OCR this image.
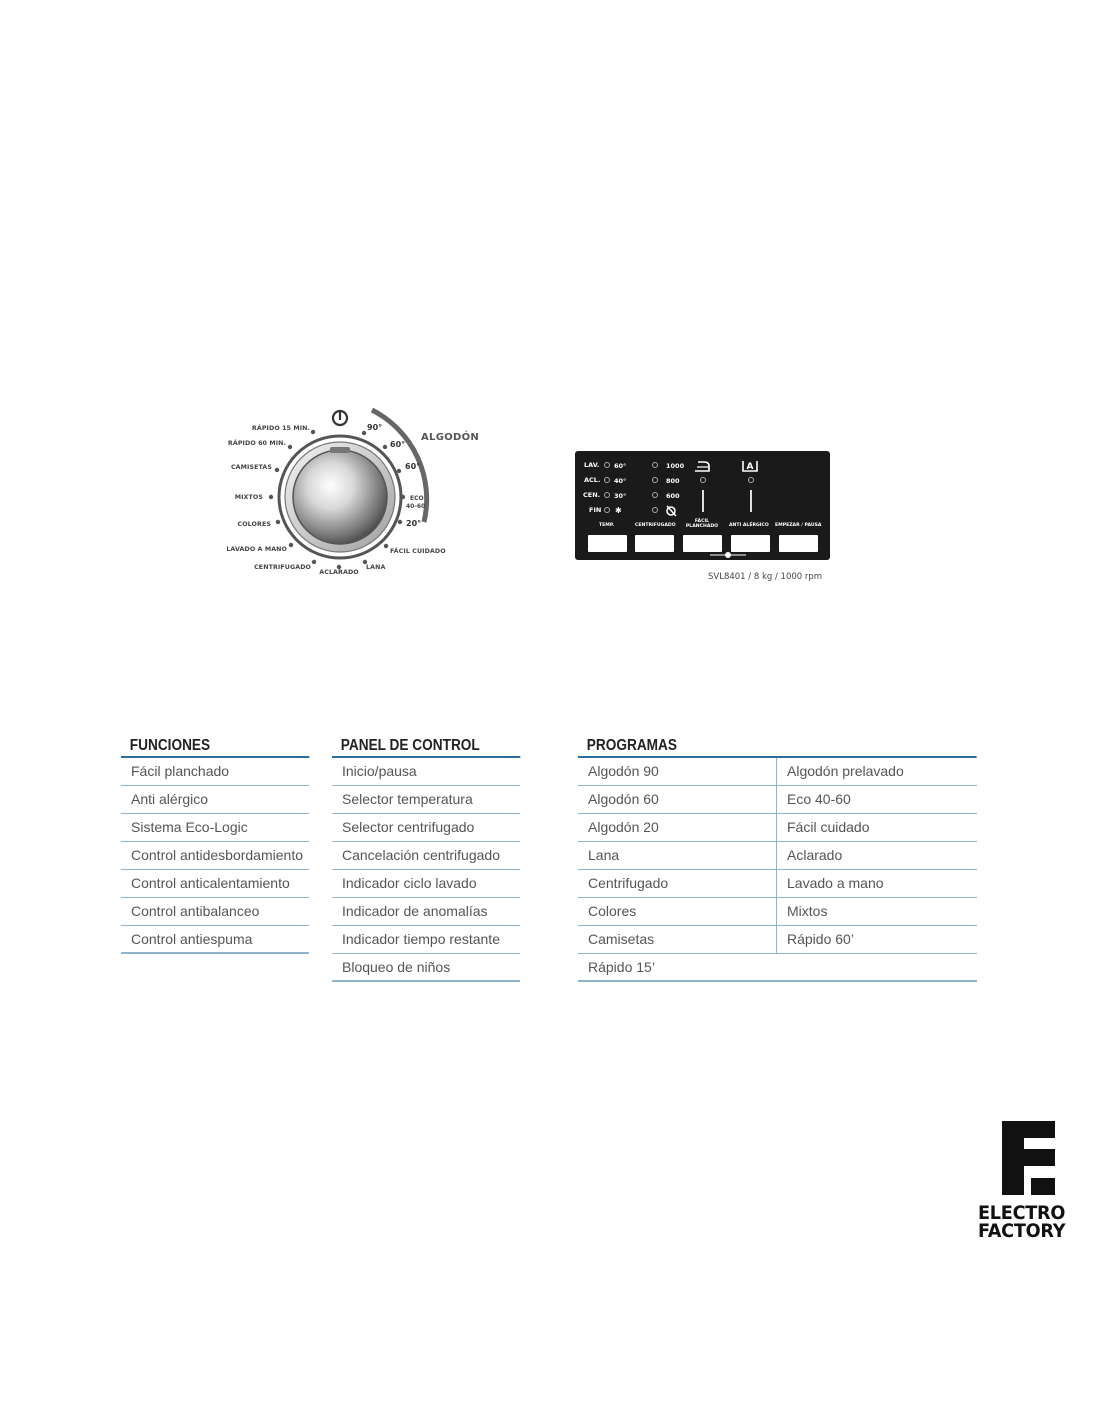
RÁPIDO 15 MIN.
RÁPIDO 60 MIN.
CAMISETAS
MIXTOS
COLORES
LAVADO A MANO
CENTRIFUGADO
ACLARADO
LANA
FÁCIL CUIDADO
90°
60°
60°
20°
ECO
40-60
ALGODÓN
LAV.
ACL.
CEN.
FIN
60°
40°
30°
✱
1000
800
600
A
TEMP.	CENTRIFUGADO
FÁCIL PLANCHADO	ANTI ALÉRGICO EMPEZAR / PAUSA
SVL8401 / 8 kg / 1000 rpm
FUNCIONES
Fácil planchado
Anti alérgico
Sistema Eco-Logic
Control antidesbordamiento
Control anticalentamiento
Control antibalanceo
Control antiespuma
PANEL DE CONTROL
Inicio/pausa
Selector temperatura
Selector centrifugado
Cancelación centrifugado
Indicador ciclo lavado
Indicador de anomalías
Indicador tiempo restante
Bloqueo de niños
PROGRAMAS
Algodón 90	Algodón prelavado
Algodón 60	Eco 40-60
Algodón 20	Fácil cuidado
Lana	Aclarado
Centrifugado	Lavado a mano
Colores	Mixtos
Camisetas	Rápido 60’
Rápido 15’
ELECTRO
FACTORY
